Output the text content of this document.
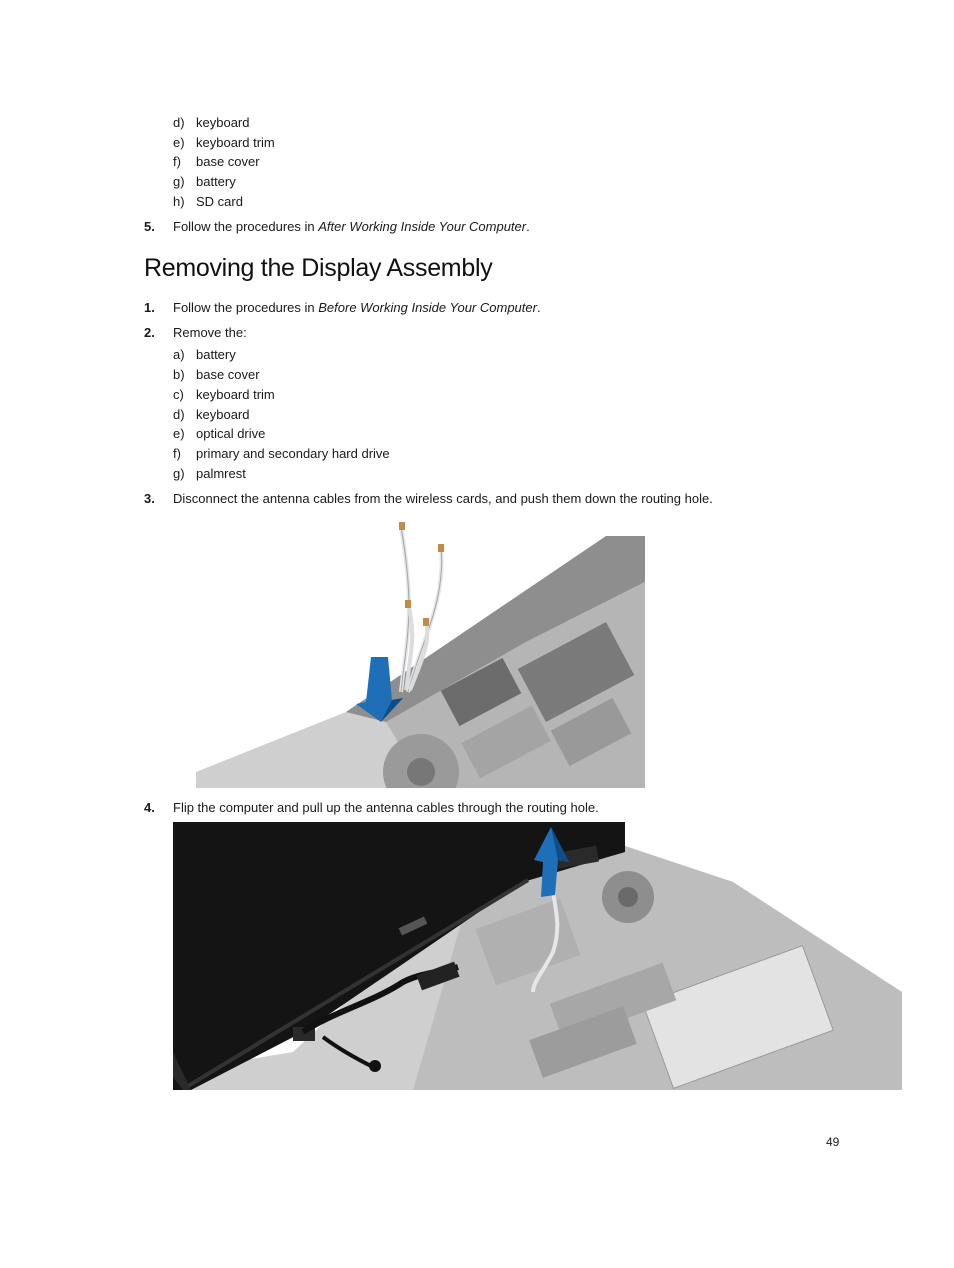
d) keyboard
e) keyboard trim
f) base cover
g) battery
h) SD card
5. Follow the procedures in After Working Inside Your Computer.
Removing the Display Assembly
1. Follow the procedures in Before Working Inside Your Computer.
2. Remove the:
a) battery
b) base cover
c) keyboard trim
d) keyboard
e) optical drive
f) primary and secondary hard drive
g) palmrest
3. Disconnect the antenna cables from the wireless cards, and push them down the routing hole.
4. Flip the computer and pull up the antenna cables through the routing hole.
49
